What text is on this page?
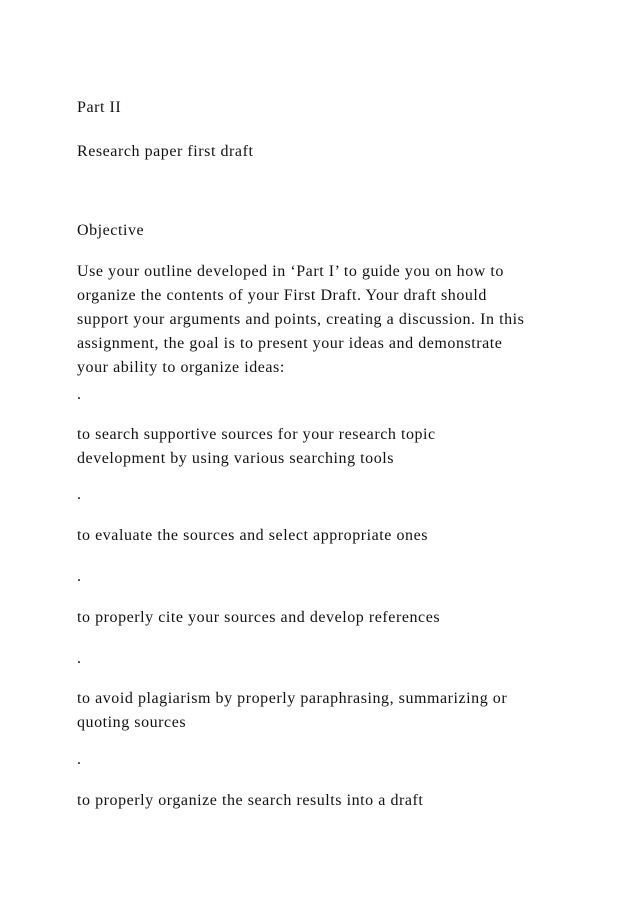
Part II
Research paper first draft
Objective
Use your outline developed in ‘Part I’ to guide you on how to
organize the contents of your First Draft. Your draft should
support your arguments and points, creating a discussion. In this
assignment, the goal is to present your ideas and demonstrate
your ability to organize ideas:
.
to search supportive sources for your research topic
development by using various searching tools
.
to evaluate the sources and select appropriate ones
.
to properly cite your sources and develop references
.
to avoid plagiarism by properly paraphrasing, summarizing or
quoting sources
.
to properly organize the search results into a draft
